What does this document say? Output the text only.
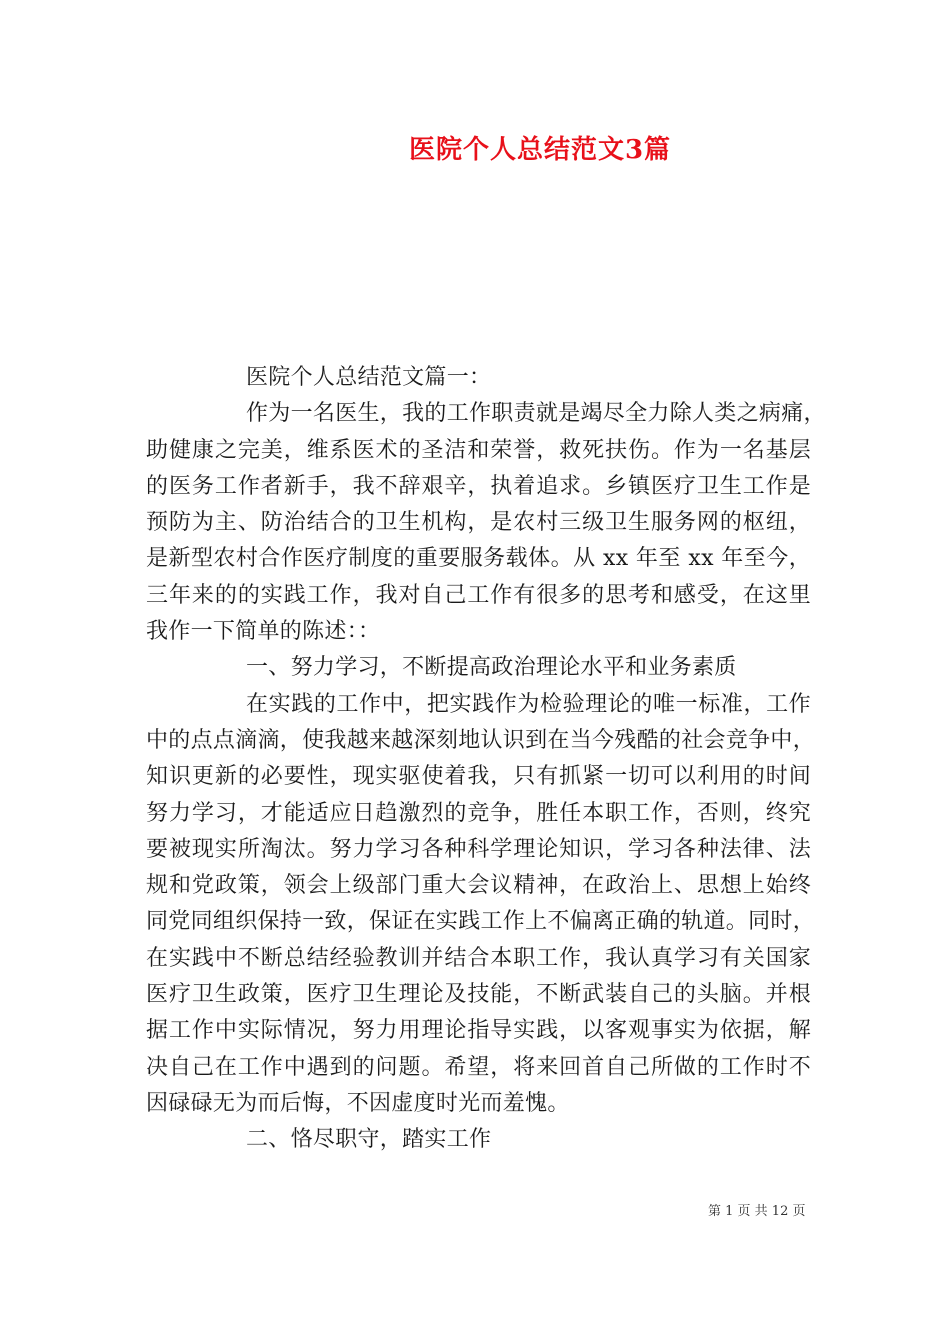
医院个人总结范文3篇
医院个人总结范文篇一：
作为一名医生，我的工作职责就是竭尽全力除人类之病痛，
助健康之完美，维系医术的圣洁和荣誉，救死扶伤。作为一名基层
的医务工作者新手，我不辞艰辛，执着追求。乡镇医疗卫生工作是
预防为主、防治结合的卫生机构，是农村三级卫生服务网的枢纽，
是新型农村合作医疗制度的重要服务载体。从 xx 年至 xx 年至今，
三年来的的实践工作，我对自己工作有很多的思考和感受，在这里
我作一下简单的陈述：：
一、努力学习，不断提高政治理论水平和业务素质
在实践的工作中，把实践作为检验理论的唯一标准，工作
中的点点滴滴，使我越来越深刻地认识到在当今残酷的社会竞争中，
知识更新的必要性，现实驱使着我，只有抓紧一切可以利用的时间
努力学习，才能适应日趋激烈的竞争，胜任本职工作，否则，终究
要被现实所淘汰。努力学习各种科学理论知识，学习各种法律、法
规和党政策，领会上级部门重大会议精神，在政治上、思想上始终
同党同组织保持一致，保证在实践工作上不偏离正确的轨道。同时，
在实践中不断总结经验教训并结合本职工作，我认真学习有关国家
医疗卫生政策，医疗卫生理论及技能，不断武装自己的头脑。并根
据工作中实际情况，努力用理论指导实践，以客观事实为依据，解
决自己在工作中遇到的问题。希望，将来回首自己所做的工作时不
因碌碌无为而后悔，不因虚度时光而羞愧。
二、恪尽职守，踏实工作
第 1 页 共 12 页
